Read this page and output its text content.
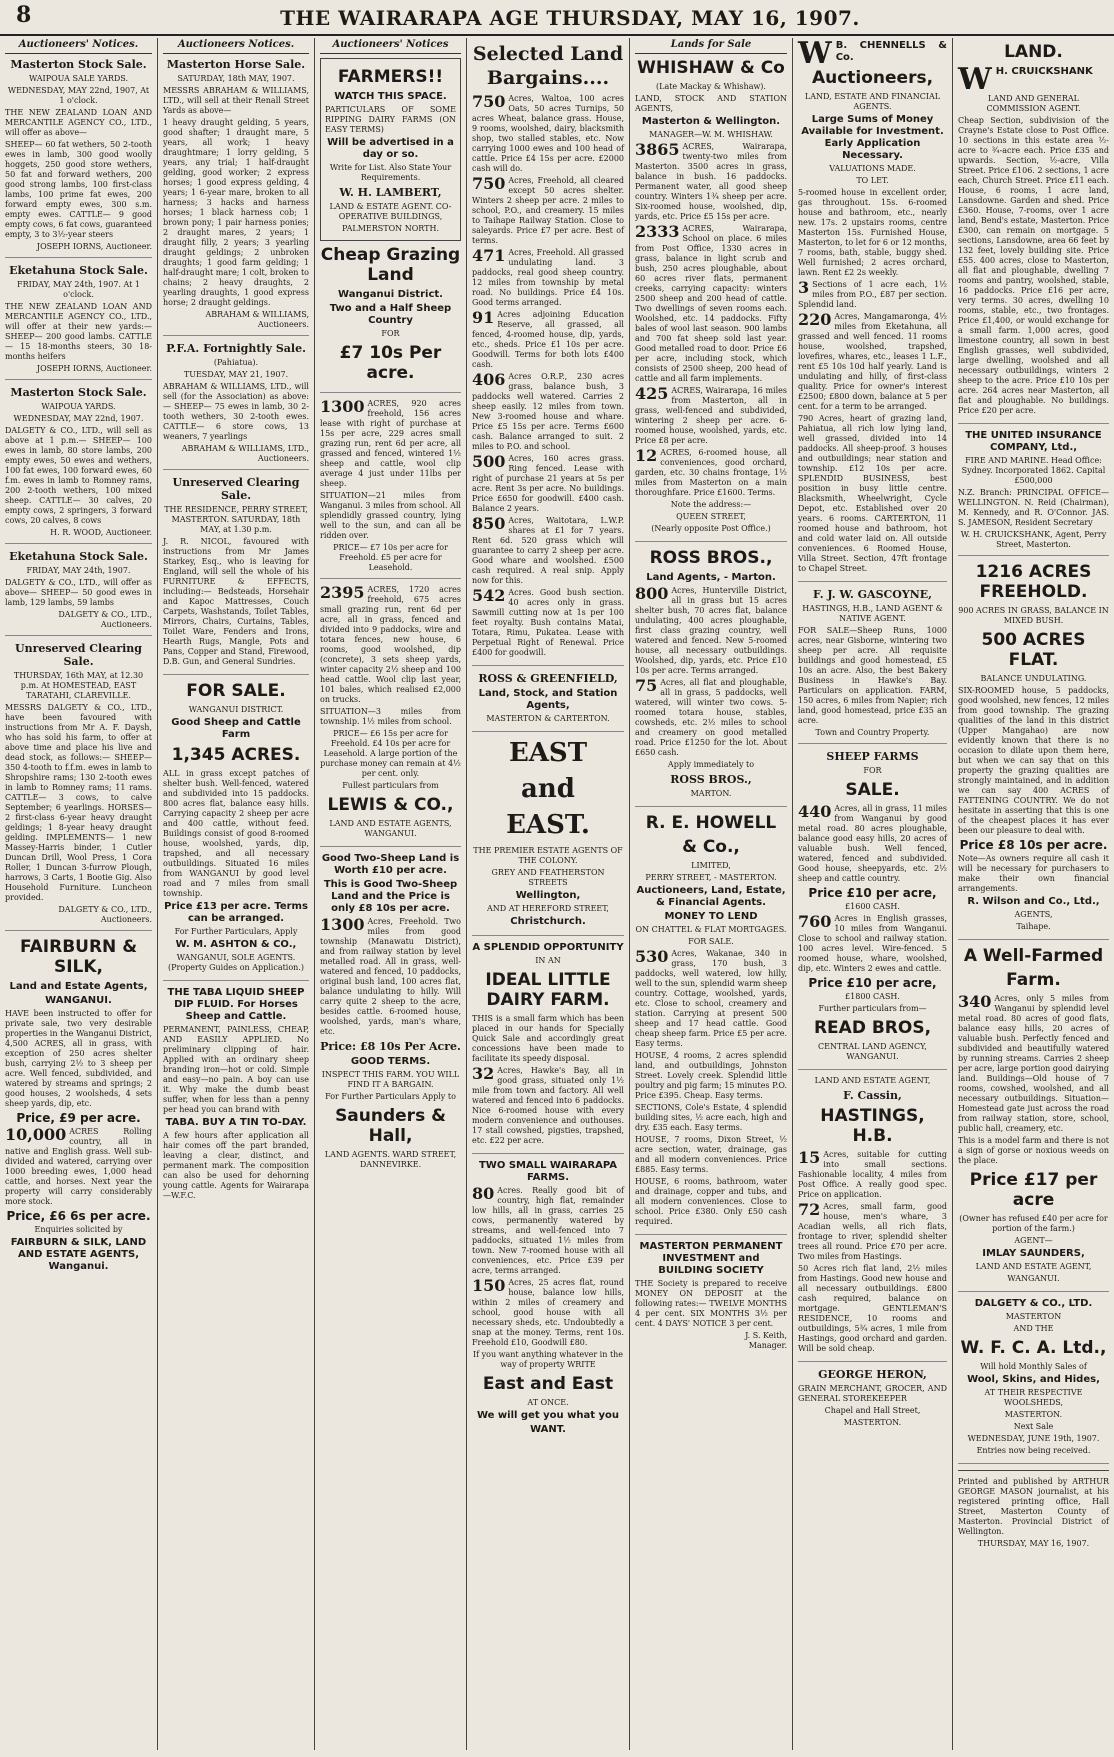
8	THE WAIRARAPA AGE THURSDAY, MAY 16, 1907.
Auctioneers' Notices.
Masterton Stock Sale.
WAIPOUA SALE YARDS.
WEDNESDAY, MAY 22nd, 1907, At 1 o'clock.
THE NEW ZEALAND LOAN AND MERCANTILE AGENCY CO., LTD., will offer as above—
SHEEP— 60 fat wethers, 50 2-tooth ewes in lamb, 300 good woolly hoggets, 250 good store wethers, 50 fat and forward wethers, 200 good strong lambs, 100 first-class lambs, 100 prime fat ewes, 200 forward empty ewes, 300 s.m. empty ewes. CATTLE— 9 good empty cows, 6 fat cows, guaranteed empty, 3 to 3½-year steers
JOSEPH IORNS, Auctioneer.
Eketahuna Stock Sale.
FRIDAY, MAY 24th, 1907. At 1 o'clock.
THE NEW ZEALAND LOAN AND MERCANTILE AGENCY CO., LTD., will offer at their new yards:— SHEEP— 200 good lambs. CATTLE— 15 18-months steers, 30 18-months heifers
JOSEPH IORNS, Auctioneer.
Masterton Stock Sale.
WAIPOUA YARDS.
WEDNESDAY, MAY 22nd, 1907.
DALGETY & CO., LTD., will sell as above at 1 p.m.— SHEEP— 100 ewes in lamb, 80 store lambs, 200 empty ewes, 50 ewes and wethers, 100 fat ewes, 100 forward ewes, 60 f.m. ewes in lamb to Romney rams, 200 2-tooth wethers, 100 mixed sheep. CATTLE— 30 calves, 20 empty cows, 2 springers, 3 forward cows, 20 calves, 8 cows
H. R. WOOD, Auctioneer.
Eketahuna Stock Sale.
FRIDAY, MAY 24th, 1907.
DALGETY & CO., LTD., will offer as above— SHEEP— 50 good ewes in lamb, 129 lambs, 59 lambs
DALGETY & CO., LTD., Auctioneers.
Unreserved Clearing Sale.
THURSDAY, 16th MAY, at 12.30 p.m. At HOMESTEAD, EAST TARATAHI, CLAREVILLE.
MESSRS DALGETY & CO., LTD., have been favoured with instructions from Mr A. F. Daysh, who has sold his farm, to offer at above time and place his live and dead stock, as follows:— SHEEP— 350 4-tooth to f.f.m. ewes in lamb to Shropshire rams; 130 2-tooth ewes in lamb to Romney rams; 11 rams. CATTLE— 3 cows, to calve September; 6 yearlings. HORSES— 2 first-class 6-year heavy draught geldings; 1 8-year heavy draught gelding. IMPLEMENTS— 1 new Massey-Harris binder, 1 Cutler Duncan Drill, Wool Press, 1 Cora Roller, 1 Duncan 3-furrow Plough, harrows, 3 Carts, 1 Bootie Gig. Also Household Furniture. Luncheon provided.
DALGETY & CO., LTD., Auctioneers.
FAIRBURN & SILK,
Land and Estate Agents,
WANGANUI.
HAVE been instructed to offer for private sale, two very desirable properties in the Wanganui District, 4,500 ACRES, all in grass, with exception of 250 acres shelter bush, carrying 2½ to 3 sheep per acre. Well fenced, subdivided, and watered by streams and springs; 2 good houses, 2 woolsheds, 4 sets sheep yards, dip, etc.
Price, £9 per acre.
10,000 ACRES Rolling country, all in native and English grass. Well sub-divided and watered, carrying over 1000 breeding ewes, 1,000 head cattle, and horses. Next year the property will carry considerably more stock.
Price, £6 6s per acre.
Enquiries solicited by
FAIRBURN & SILK, LAND AND ESTATE AGENTS, Wanganui.
Auctioneers Notices.
Masterton Horse Sale.
SATURDAY, 18th MAY, 1907.
MESSRS ABRAHAM & WILLIAMS, LTD., will sell at their Renall Street Yards as above—
1 heavy draught gelding, 5 years, good shafter; 1 draught mare, 5 years, all work; 1 heavy draughtmare; 1 lorry gelding, 5 years, any trial; 1 half-draught gelding, good worker; 2 express horses; 1 good express gelding, 4 years; 1 6-year mare, broken to all harness; 3 hacks and harness horses; 1 black harness cob; 1 brown pony; 1 pair harness ponies; 2 draught mares, 2 years; 1 draught filly, 2 years; 3 yearling draught geldings; 2 unbroken draughts; 1 good farm gelding; 1 half-draught mare; 1 colt, broken to chains; 2 heavy draughts, 2 yearling draughts, 1 good express horse; 2 draught geldings.
ABRAHAM & WILLIAMS, Auctioneers.
P.F.A. Fortnightly Sale.
(Pahiatua).
TUESDAY, MAY 21, 1907.
ABRAHAM & WILLIAMS, LTD., will sell (for the Association) as above:— SHEEP— 75 ewes in lamb, 30 2-tooth wethers, 30 2-tooth ewes. CATTLE— 6 store cows, 13 weaners, 7 yearlings
ABRAHAM & WILLIAMS, LTD., Auctioneers.
Unreserved Clearing Sale.
THE RESIDENCE, PERRY STREET, MASTERTON. SATURDAY, 18th MAY, at 1.30 p.m.
J. R. NICOL, favoured with instructions from Mr James Starkey, Esq., who is leaving for England, will sell the whole of his FURNITURE & EFFECTS, including:— Bedsteads, Horsehair and Kapoc Mattresses, Couch Carpets, Washstands, Toilet Tables, Mirrors, Chairs, Curtains, Tables, Toilet Ware, Fenders and Irons, Hearth Rugs, Mangle, Pots and Pans, Copper and Stand, Firewood, D.B. Gun, and General Sundries.
FOR SALE.
WANGANUI DISTRICT.
Good Sheep and Cattle Farm
1,345 ACRES.
ALL in grass except patches of shelter bush. Well-fenced, watered and subdivided into 15 paddocks. 800 acres flat, balance easy hills. Carrying capacity 2 sheep per acre and 400 cattle, without feed. Buildings consist of good 8-roomed house, woolshed, yards, dip, trapshed, and all necessary outbuildings. Situated 16 miles from WANGANUI by good level road and 7 miles from small township.
Price £13 per acre. Terms can be arranged.
For Further Particulars, Apply
W. M. ASHTON & CO.,
WANGANUI, SOLE AGENTS. (Property Guides on Application.)
THE TABA LIQUID SHEEP DIP FLUID. For Horses Sheep and Cattle.
PERMANENT, PAINLESS, CHEAP, AND EASILY APPLIED. No preliminary clipping of hair. Applied with an ordinary sheep branding iron—hot or cold. Simple and easy—no pain. A boy can use it. Why make the dumb beast suffer, when for less than a penny per head you can brand with
TABA. BUY A TIN TO-DAY.
A few hours after application all hair comes off the part branded, leaving a clear, distinct, and permanent mark. The composition can also be used for dehorning young cattle. Agents for Wairarapa—W.F.C.
Auctioneers' Notices
FARMERS!!
WATCH THIS SPACE.
PARTICULARS OF SOME RIPPING DAIRY FARMS (ON EASY TERMS)
Will be advertised in a day or so.
Write for List. Also State Your Requirements.
W. H. LAMBERT,
LAND & ESTATE AGENT. CO-OPERATIVE BUILDINGS,
PALMERSTON NORTH.
Cheap Grazing Land
Wanganui District.
Two and a Half Sheep Country
FOR
£7 10s Per acre.
1300 ACRES, 920 acres freehold, 156 acres lease with right of purchase at 15s per acre, 229 acres small grazing run, rent 6d per acre, all grassed and fenced, wintered 1½ sheep and cattle, wool clip average 4 just under 11lbs per sheep.
SITUATION—21 miles from Wanganui. 3 miles from school. All splendidly grassed country, lying well to the sun, and can all be ridden over.
PRICE— £7 10s per acre for Freehold. £5 per acre for Leasehold.
2395 ACRES, 1720 acres freehold, 675 acres small grazing run, rent 6d per acre, all in grass, fenced and divided into 9 paddocks, wire and totara fences, new house, 6 rooms, good woolshed, dip (concrete), 3 sets sheep yards, winter capacity 2½ sheep and 100 head cattle. Wool clip last year, 101 bales, which realised £2,000 on trucks.
SITUATION—3 miles from township. 1½ miles from school.
PRICE— £6 15s per acre for Freehold. £4 10s per acre for Leasehold. A large portion of the purchase money can remain at 4½ per cent. only.
Fullest particulars from
LEWIS & CO.,
LAND AND ESTATE AGENTS, WANGANUI.
Good Two-Sheep Land is Worth £10 per acre.
This is Good Two-Sheep Land and the Price is only £8 10s per acre.
1300 Acres, Freehold. Two miles from good township (Manawatu District), and from railway station by level metalled road. All in grass, well-watered and fenced, 10 paddocks, original bush land, 100 acres flat, balance undulating to hilly. Will carry quite 2 sheep to the acre, besides cattle. 6-roomed house, woolshed, yards, man's whare, etc.
Price: £8 10s Per Acre.
GOOD TERMS.
INSPECT THIS FARM. YOU WILL FIND IT A BARGAIN.
For Further Particulars Apply to
Saunders & Hall,
LAND AGENTS. WARD STREET, DANNEVIRKE.
Selected Land Bargains....
750 Acres, Waltoa, 100 acres Oats, 50 acres Turnips, 50 acres Wheat, balance grass. House, 9 rooms, woolshed, dairy, blacksmith shop, two stalled stables, etc. Now carrying 1000 ewes and 100 head of cattle. Price £4 15s per acre. £2000 cash will do.
750 Acres, Freehold, all cleared except 50 acres shelter. Winters 2 sheep per acre. 2 miles to school, P.O., and creamery. 15 miles to Taihape Railway Station. Close to saleyards. Price £7 per acre. Best of terms.
471 Acres, Freehold. All grassed undulating land. 3 paddocks, real good sheep country. 12 miles from township by metal road. No buildings. Price £4 10s. Good terms arranged.
91 Acres adjoining Education Reserve, all grassed, all fenced, 4-roomed house, dip, yards, etc., sheds. Price £1 10s per acre. Goodwill. Terms for both lots £400 cash.
406 Acres O.R.P., 230 acres grass, balance bush, 3 paddocks well watered. Carries 2 sheep easily. 12 miles from town. New 3-roomed house and whare. Price £5 15s per acre. Terms £600 cash. Balance arranged to suit. 2 miles to P.O. and school.
500 Acres, 160 acres grass. Ring fenced. Lease with right of purchase 21 years at 5s per acre. Rent 3s per acre. No buildings. Price £650 for goodwill. £400 cash. Balance 2 years.
850 Acres, Waitotara, L.W.P. shares at £1 for 7 years. Rent 6d. 520 grass which will guarantee to carry 2 sheep per acre. Good whare and woolshed. £500 cash required. A real snip. Apply now for this.
542 Acres. Good bush section. 40 acres only in grass. Sawmill cutting now at 1s per 100 feet royalty. Bush contains Matai, Totara, Rimu, Pukatea. Lease with Perpetual Right of Renewal. Price £400 for goodwill.
ROSS & GREENFIELD,
Land, Stock, and Station Agents,
MASTERTON & CARTERTON.
EAST
and
EAST.
THE PREMIER ESTATE AGENTS OF THE COLONY.
GREY AND FEATHERSTON STREETS
Wellington,
AND AT HEREFORD STREET,
Christchurch.
A SPLENDID OPPORTUNITY
IN AN
IDEAL LITTLE DAIRY FARM.
THIS is a small farm which has been placed in our hands for Specially Quick Sale and accordingly great concessions have been made to facilitate its speedy disposal.
32 Acres, Hawke's Bay, all in good grass, situated only 1½ mile from town and factory. All well watered and fenced into 6 paddocks. Nice 6-roomed house with every modern convenience and outhouses. 17 stall cowshed, pigsties, trapshed, etc. £22 per acre.
TWO SMALL WAIRARAPA FARMS.
80 Acres. Really good bit of country, high flat, remainder low hills, all in grass, carries 25 cows, permanently watered by streams, and well-fenced into 7 paddocks, situated 1½ miles from town. New 7-roomed house with all conveniences, etc. Price £39 per acre, terms arranged.
150 Acres, 25 acres flat, round house, balance low hills, within 2 miles of creamery and school, good house with all necessary sheds, etc. Undoubtedly a snap at the money. Terms, rent 10s. Freehold £10, Goodwill £80.
If you want anything whatever in the way of property WRITE
East and East
AT ONCE.
We will get you what you
WANT.
Lands for Sale
WHISHAW & Co
(Late Mackay & Whishaw).
LAND, STOCK AND STATION AGENTS,
Masterton & Wellington.
MANAGER—W. M. WHISHAW.
3865 ACRES, Wairarapa, twenty-two miles from Masterton. 3500 acres in grass, balance in bush. 16 paddocks. Permanent water, all good sheep country. Winters 1¾ sheep per acre. Six-roomed house, woolshed, dip, yards, etc. Price £5 15s per acre.
2333 ACRES, Wairarapa, School on place. 6 miles from Post Office, 1330 acres in grass, balance in light scrub and bush, 250 acres ploughable, about 60 acres river flats, permanent creeks, carrying capacity: winters 2500 sheep and 200 head of cattle. Two dwellings of seven rooms each. Woolshed, etc. 14 paddocks. Fifty bales of wool last season. 900 lambs and 700 fat sheep sold last year. Good metalled road to door. Price £6 per acre, including stock, which consists of 2500 sheep, 200 head of cattle and all farm implements.
425 ACRES, Wairarapa, 16 miles from Masterton, all in grass, well-fenced and subdivided, wintering 2 sheep per acre. 6-roomed house, woolshed, yards, etc. Price £8 per acre.
12 ACRES, 6-roomed house, all conveniences, good orchard, garden, etc. 30 chains frontage, 1½ miles from Masterton on a main thoroughfare. Price £1600. Terms.
Note the address:—
QUEEN STREET,
(Nearly opposite Post Office.)
ROSS BROS.,
Land Agents, - Marton.
800 Acres, Hunterville District, all in grass but 15 acres shelter bush, 70 acres flat, balance undulating, 400 acres ploughable, first class grazing country, well watered and fenced. New 5-roomed house, all necessary outbuildings. Woolshed, dip, yards, etc. Price £10 10s per acre. Terms arranged.
75 Acres, all flat and ploughable, all in grass, 5 paddocks, well watered, will winter two cows. 5-roomed totara house, stables, cowsheds, etc. 2½ miles to school and creamery on good metalled road. Price £1250 for the lot. About £650 cash.
Apply immediately to
ROSS BROS.,
MARTON.
R. E. HOWELL
& Co.,
LIMITED,
PERRY STREET, - MASTERTON.
Auctioneers, Land, Estate, & Financial Agents.
MONEY TO LEND
ON CHATTEL & FLAT MORTGAGES.
FOR SALE.
530 Acres, Wakanae, 340 in grass, 170 bush, 3 paddocks, well watered, low hilly, well to the sun, splendid warm sheep country. Cottage, woolshed, yards, etc. Close to school, creamery and station. Carrying at present 500 sheep and 17 head cattle. Good cheap sheep farm. Price £5 per acre. Easy terms.
HOUSE, 4 rooms, 2 acres splendid land, and outbuildings, Johnston Street. Lovely creek. Splendid little poultry and pig farm; 15 minutes P.O. Price £395. Cheap. Easy terms.
SECTIONS, Cole's Estate, 4 splendid building sites, ½ acre each, high and dry. £35 each. Easy terms.
HOUSE, 7 rooms, Dixon Street, ½ acre section, water, drainage, gas and all modern conveniences. Price £885. Easy terms.
HOUSE, 6 rooms, bathroom, water and drainage, copper and tubs, and all modern conveniences. Close to school. Price £380. Only £50 cash required.
MASTERTON PERMANENT INVESTMENT and BUILDING SOCIETY
THE Society is prepared to receive MONEY ON DEPOSIT at the following rates:— TWELVE MONTHS 4 per cent. SIX MONTHS 3½ per cent. 4 DAYS' NOTICE 3 per cent.
J. S. Keith,
Manager.
W B. CHENNELLS & Co.
Auctioneers,
LAND, ESTATE AND FINANCIAL AGENTS.
Large Sums of Money Available for Investment. Early Application Necessary.
VALUATIONS MADE.
TO LET.
5-roomed house in excellent order, gas throughout. 15s. 6-roomed house and bathroom, etc., nearly new. 17s. 2 upstairs rooms, centre Masterton 15s. Furnished House, Masterton, to let for 6 or 12 months, 7 rooms, bath, stable, buggy shed. Well furnished; 2 acres orchard, lawn. Rent £2 2s weekly.
3 Sections of 1 acre each, 1½ miles from P.O., £87 per section. Splendid land.
220 Acres, Mangamaronga, 4½ miles from Eketahuna, all grassed and well fenced. 11 rooms house, woolshed, trapshed, lovefires, whares, etc., leases 1 L.F., rent £5 10s 10d half yearly. Land is undulating and hilly, of first-class quality. Price for owner's interest £2500; £800 down, balance at 5 per cent. for a term to be arranged.
790 Acres, heart of grazing land, Pahiatua, all rich low lying land, well grassed, divided into 14 paddocks. All sheep-proof. 3 houses and outbuildings; near station and township. £12 10s per acre. SPLENDID BUSINESS, best position in busy little centre. Blacksmith, Wheelwright, Cycle Depot, etc. Established over 20 years. 6 rooms. CARTERTON, 11 roomed house and bathroom, hot and cold water laid on. All outside conveniences. 6 Roomed House, Villa Street. Section, 47ft frontage to Chapel Street.
F. J. W. GASCOYNE,
HASTINGS, H.B., LAND AGENT & NATIVE AGENT.
FOR SALE—Sheep Runs, 1000 acres, near Gisborne, wintering two sheep per acre. All requisite buildings and good homestead, £5 10s an acre. Also, the best Bakery Business in Hawke's Bay. Particulars on application. FARM, 150 acres, 6 miles from Napier; rich land, good homestead, price £35 an acre.
Town and Country Property.
SHEEP FARMS
FOR
SALE.
440 Acres, all in grass, 11 miles from Wanganui by good metal road. 80 acres ploughable, balance good easy hills, 20 acres of valuable bush. Well fenced, watered, fenced and subdivided. Good house, sheepyards, etc. 2½ sheep and cattle country.
Price £10 per acre,
£1600 CASH.
760 Acres in English grasses, 10 miles from Wanganui. Close to school and railway station. 100 acres level. Wire-fenced. 5 roomed house, whare, woolshed, dip, etc. Winters 2 ewes and cattle.
Price £10 per acre,
£1800 CASH.
Further particulars from—
READ BROS,
CENTRAL LAND AGENCY, WANGANUI.
LAND AND ESTATE AGENT,
F. Cassin,
HASTINGS, H.B.
15 Acres, suitable for cutting into small sections. Fashionable locality, 4 miles from Post Office. A really good spec. Price on application.
72 Acres, small farm, good house, men's whare, 3 Acadian wells, all rich flats, frontage to river, splendid shelter trees all round. Price £70 per acre. Two miles from Hastings.
50 Acres rich flat land, 2½ miles from Hastings. Good new house and all necessary outbuildings. £800 cash required, balance on mortgage. GENTLEMAN'S RESIDENCE, 10 rooms and outbuildings, 5¾ acres, 1 mile from Hastings, good orchard and garden. Will be sold cheap.
GEORGE HERON,
GRAIN MERCHANT, GROCER, AND GENERAL STOREKEEPER
Chapel and Hall Street,
MASTERTON.
LAND.
W H. CRUICKSHANK
LAND AND GENERAL COMMISSION AGENT.
Cheap Section, subdivision of the Crayne's Estate close to Post Office. 10 sections in this estate area ½-acre to ¾-acre each. Price £35 and upwards. Section, ½-acre, Villa Street. Price £106. 2 sections, 1 acre each, Church Street. Price £11 each. House, 6 rooms, 1 acre land, Lansdowne. Garden and shed. Price £360. House, 7-rooms, over 1 acre land, Bend's estate, Masterton. Price £300, can remain on mortgage. 5 sections, Lansdowne, area 66 feet by 132 feet, lovely building site. Price £55. 400 acres, close to Masterton, all flat and ploughable, dwelling 7 rooms and pantry, woolshed, stable, 16 paddocks. Price £16 per acre, very terms. 30 acres, dwelling 10 rooms, stable, etc., two frontages. Price £1,400, or would exchange for a small farm. 1,000 acres, good limestone country, all sown in best English grasses, well subdivided, large dwelling, woolshed and all necessary outbuildings, winters 2 sheep to the acre. Price £10 10s per acre. 264 acres near Masterton, all flat and ploughable. No buildings. Price £20 per acre.
THE UNITED INSURANCE COMPANY, Ltd.,
FIRE AND MARINE. Head Office: Sydney. Incorporated 1862. Capital £500,000
N.Z. Branch: PRINCIPAL OFFICE—WELLINGTON. N. Reid (Chairman), M. Kennedy, and R. O'Connor. JAS. S. JAMESON, Resident Secretary
W. H. CRUICKSHANK, Agent, Perry Street, Masterton.
1216 ACRES FREEHOLD.
900 ACRES IN GRASS, BALANCE IN MIXED BUSH.
500 ACRES FLAT.
BALANCE UNDULATING.
SIX-ROOMED house, 5 paddocks, good woolshed, new fences, 12 miles from good township. The grazing qualities of the land in this district (Upper Mangahao) are now evidently known that there is no occasion to dilate upon them here, but when we can say that on this property the grazing qualities are strongly maintained, and in addition we can say 400 ACRES of FATTENING COUNTRY. We do not hesitate in asserting that this is one of the cheapest places it has ever been our pleasure to deal with.
Price £8 10s per acre.
Note—As owners require all cash it will be necessary for purchasers to make their own financial arrangements.
R. Wilson and Co., Ltd.,
AGENTS,
Taihape.
A Well-Farmed
Farm.
340 Acres, only 5 miles from Wanganui by splendid level metal road. 80 acres of good flats, balance easy hills, 20 acres of valuable bush. Perfectly fenced and subdivided and beautifully watered by running streams. Carries 2 sheep per acre, large portion good dairying land. Buildings—Old house of 7 rooms, cowshed, woolshed, and all necessary outbuildings. Situation—Homestead gate just across the road from railway station, store, school, public hall, creamery, etc.
This is a model farm and there is not a sign of gorse or noxious weeds on the place.
Price £17 per acre
(Owner has refused £40 per acre for portion of the farm.)
AGENT—
IMLAY SAUNDERS,
LAND AND ESTATE AGENT,
WANGANUI.
DALGETY & CO., LTD.
MASTERTON
AND THE
W. F. C. A. Ltd.,
Will hold Monthly Sales of
Wool, Skins, and Hides,
AT THEIR RESPECTIVE WOOLSHEDS,
MASTERTON.
Next Sale
WEDNESDAY, JUNE 19th, 1907.
Entries now being received.
Printed and published by ARTHUR GEORGE MASON journalist, at his registered printing office, Hall Street, Masterton County of Masterton. Provincial District of Wellington.
THURSDAY, MAY 16, 1907.
